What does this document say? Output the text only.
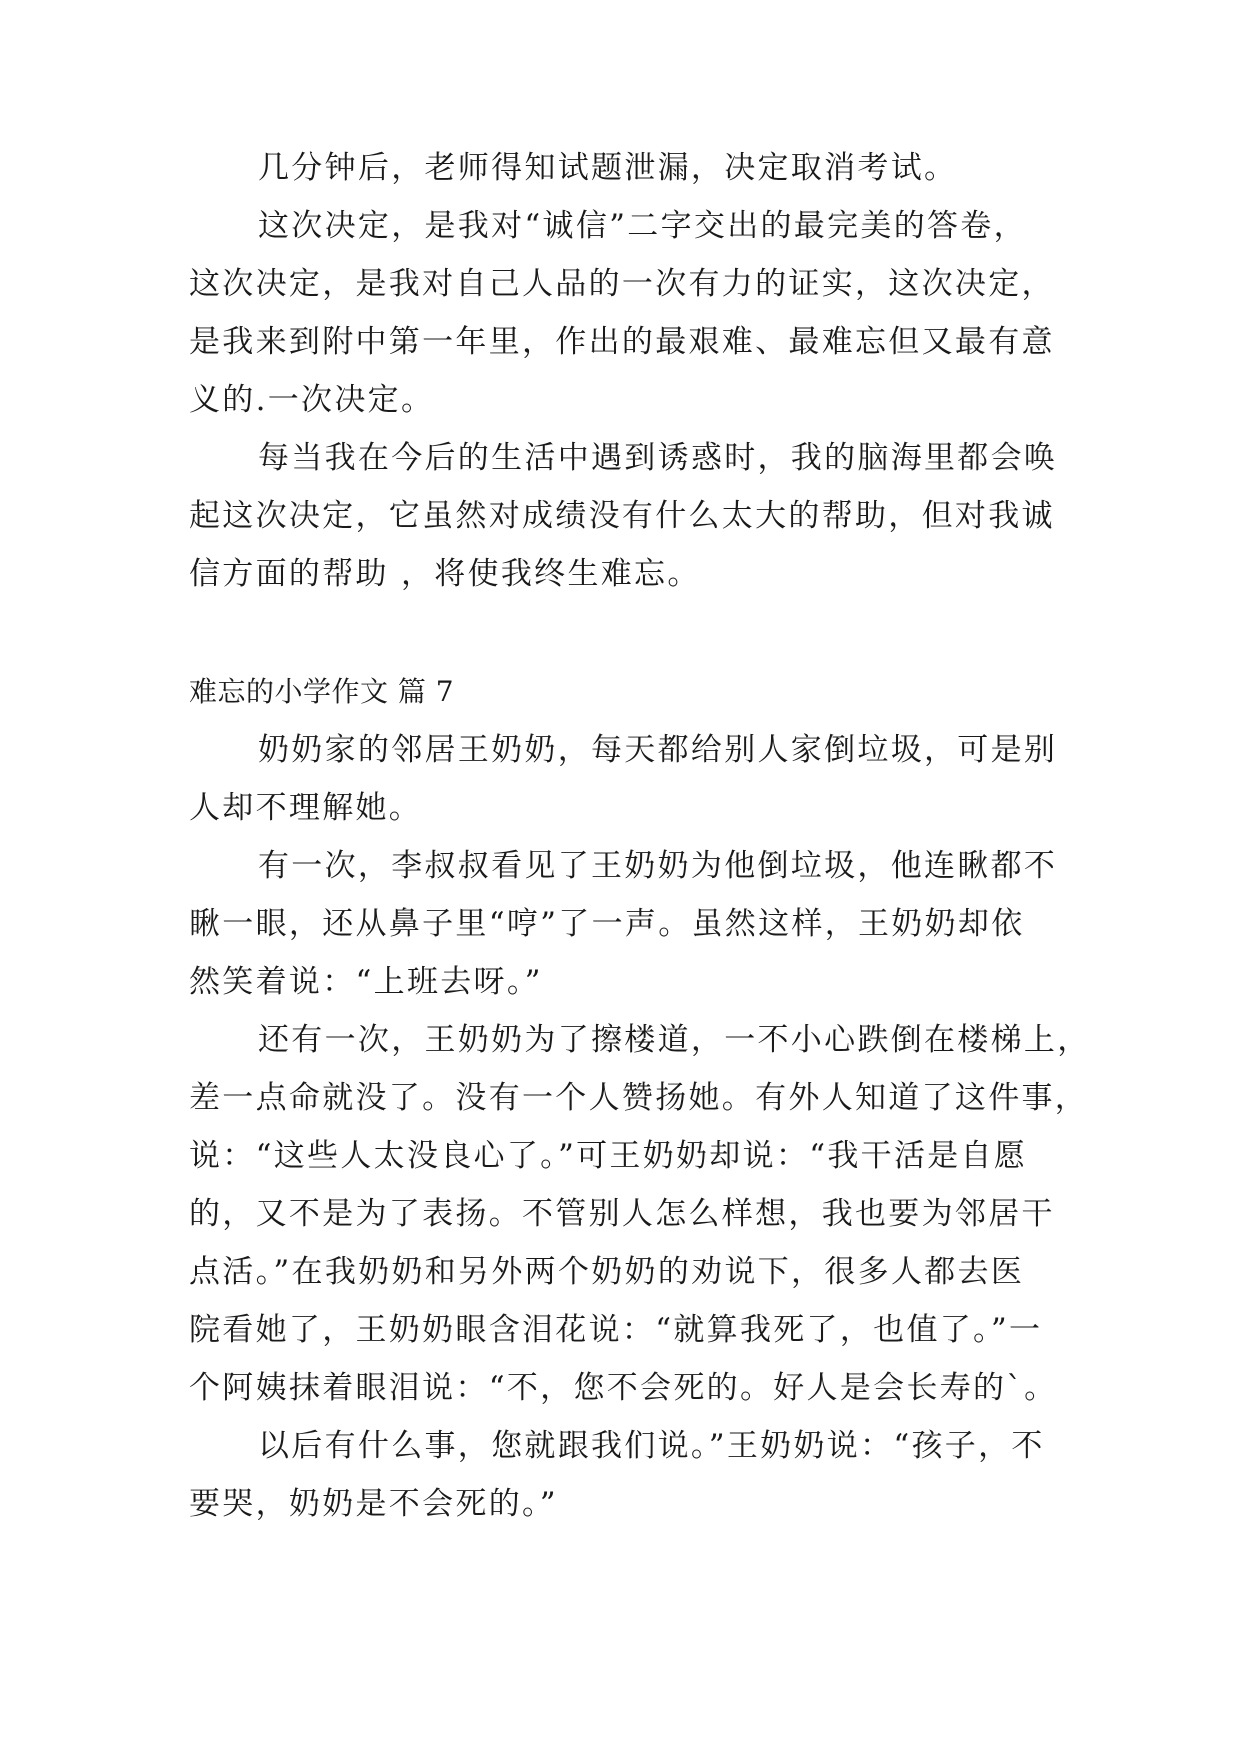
几分钟后，老师得知试题泄漏，决定取消考试。
这次决定，是我对“诚信”二字交出的最完美的答卷，
这次决定，是我对自己人品的一次有力的证实，这次决定，
是我来到附中第一年里，作出的最艰难、最难忘但又最有意
义的.一次决定。
每当我在今后的生活中遇到诱惑时，我的脑海里都会唤
起这次决定，它虽然对成绩没有什么太大的帮助，但对我诚
信方面的帮助 ，将使我终生难忘。
难忘的小学作文 篇 7
奶奶家的邻居王奶奶，每天都给别人家倒垃圾，可是别
人却不理解她。
有一次，李叔叔看见了王奶奶为他倒垃圾，他连瞅都不
瞅一眼，还从鼻子里“哼”了一声。虽然这样，王奶奶却依
然笑着说：“上班去呀。”
还有一次，王奶奶为了擦楼道，一不小心跌倒在楼梯上，
差一点命就没了。没有一个人赞扬她。有外人知道了这件事，
说：“这些人太没良心了。”可王奶奶却说：“我干活是自愿
的，又不是为了表扬。不管别人怎么样想，我也要为邻居干
点活。”在我奶奶和另外两个奶奶的劝说下，很多人都去医
院看她了，王奶奶眼含泪花说：“就算我死了，也值了。”一
个阿姨抹着眼泪说：“不，您不会死的。好人是会长寿的`。
以后有什么事，您就跟我们说。”王奶奶说：“孩子，不
要哭，奶奶是不会死的。”
